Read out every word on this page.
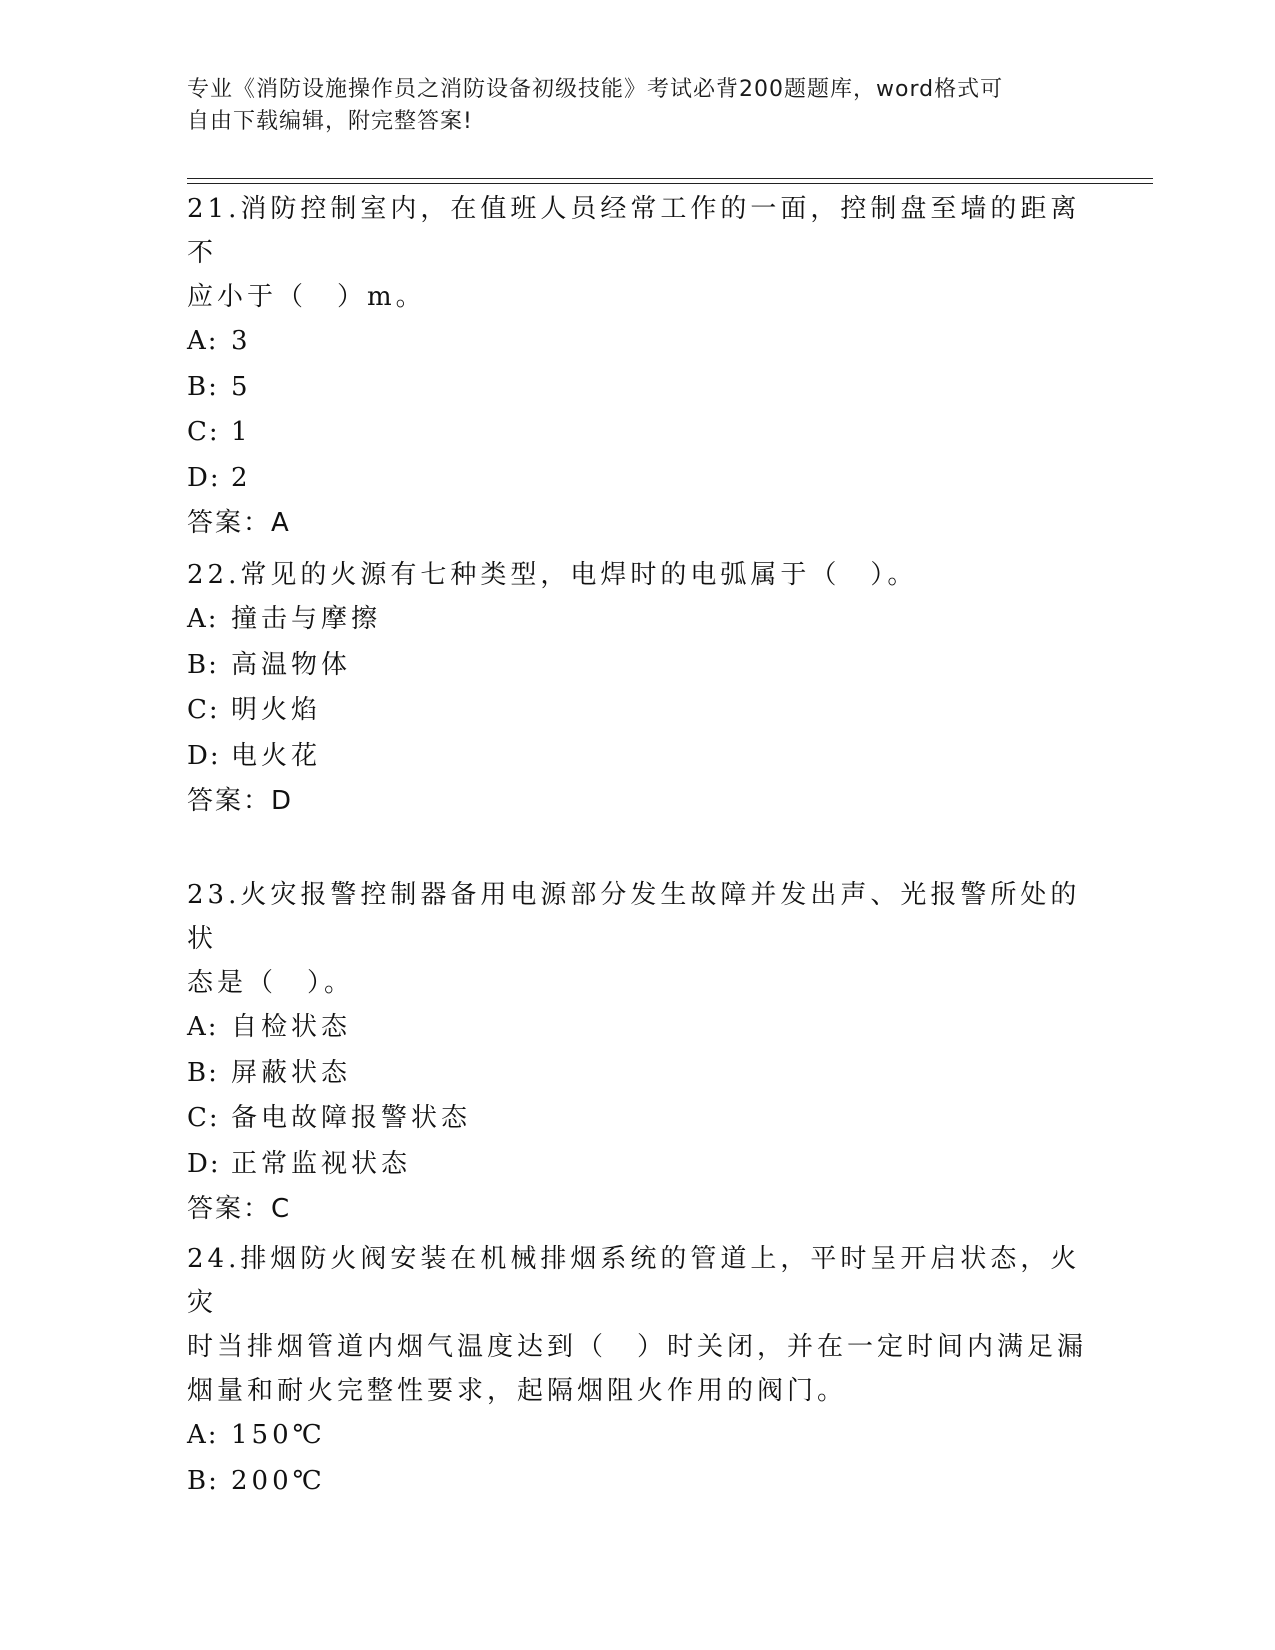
专业《消防设施操作员之消防设备初级技能》考试必背200题题库，word格式可
自由下载编辑，附完整答案!

21.消防控制室内，在值班人员经常工作的一面，控制盘至墙的距离不

应小于（　）m。

A: 3

B: 5

C: 1

D: 2

答案：A

22.常见的火源有七种类型，电焊时的电弧属于（　）。

A: 撞击与摩擦

B: 高温物体

C: 明火焰

D: 电火花

答案：D

23.火灾报警控制器备用电源部分发生故障并发出声、光报警所处的状

态是（　）。

A: 自检状态

B: 屏蔽状态

C: 备电故障报警状态

D: 正常监视状态

答案：C

24.排烟防火阀安装在机械排烟系统的管道上，平时呈开启状态，火灾

时当排烟管道内烟气温度达到（　）时关闭，并在一定时间内满足漏

烟量和耐火完整性要求，起隔烟阻火作用的阀门。

A: 150℃

B: 200℃
